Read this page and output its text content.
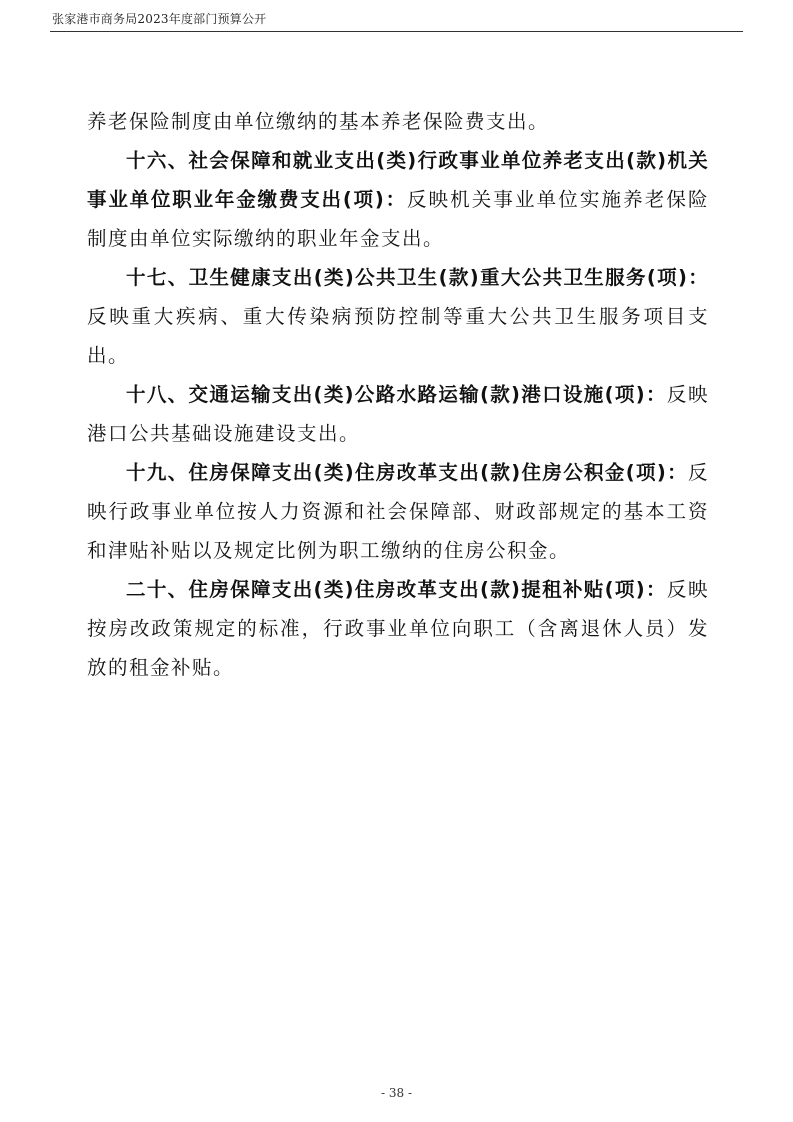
张家港市商务局2023年度部门预算公开

养老保险制度由单位缴纳的基本养老保险费支出。

十六、社会保障和就业支出(类)行政事业单位养老支出(款)机关事业单位职业年金缴费支出(项)：反映机关事业单位实施养老保险制度由单位实际缴纳的职业年金支出。

十七、卫生健康支出(类)公共卫生(款)重大公共卫生服务(项)：反映重大疾病、重大传染病预防控制等重大公共卫生服务项目支出。

十八、交通运输支出(类)公路水路运输(款)港口设施(项)：反映港口公共基础设施建设支出。

十九、住房保障支出(类)住房改革支出(款)住房公积金(项)：反映行政事业单位按人力资源和社会保障部、财政部规定的基本工资和津贴补贴以及规定比例为职工缴纳的住房公积金。

二十、住房保障支出(类)住房改革支出(款)提租补贴(项)：反映按房改政策规定的标准，行政事业单位向职工（含离退休人员）发放的租金补贴。

- 38 -
